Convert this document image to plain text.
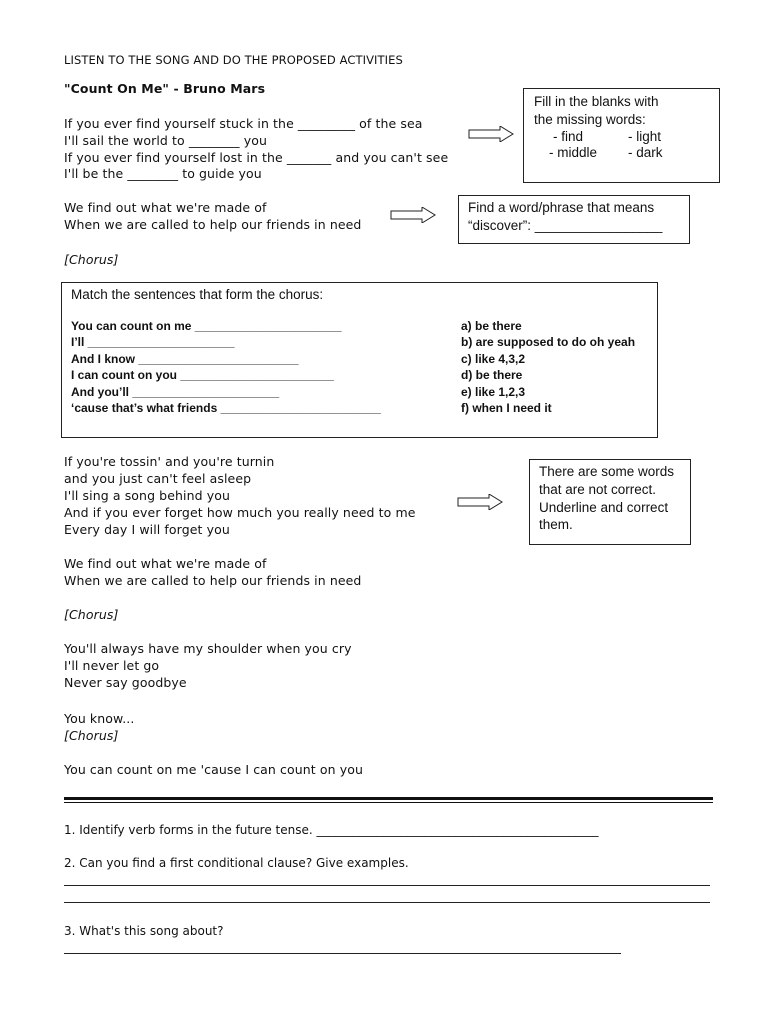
LISTEN TO THE SONG AND DO THE PROPOSED ACTIVITIES
"Count On Me" - Bruno Mars
If you ever find yourself stuck in the _________ of the sea
I'll sail the world to ________ you
If you ever find yourself lost in the _______ and you can't see
I'll be the ________ to guide you
Fill in the blanks with
the missing words:
- find	- light
- middle - dark
We find out what we're made of
When we are called to help our friends in need
Find a word/phrase that means
“discover”: _________________
[Chorus]
Match the sentences that form the chorus:
You can count on me ______________________
I’ll ______________________
And I know ________________________
I can count on you _______________________
And you’ll ______________________
‘cause that’s what friends ________________________
a) be there
b) are supposed to do oh yeah
c) like 4,3,2
d) be there
e) like 1,2,3
f) when I need it
If you're tossin' and you're turnin
and you just can't feel asleep
I'll sing a song behind you
And if you ever forget how much you really need to me
Every day I will forget you
There are some words
that are not correct.
Underline and correct
them.
We find out what we're made of
When we are called to help our friends in need
[Chorus]
You'll always have my shoulder when you cry
I'll never let go
Never say goodbye
You know...
[Chorus]
You can count on me 'cause I can count on you
1. Identify verb forms in the future tense. _______________________________________________
2. Can you find a first conditional clause? Give examples.
3. What's this song about?
